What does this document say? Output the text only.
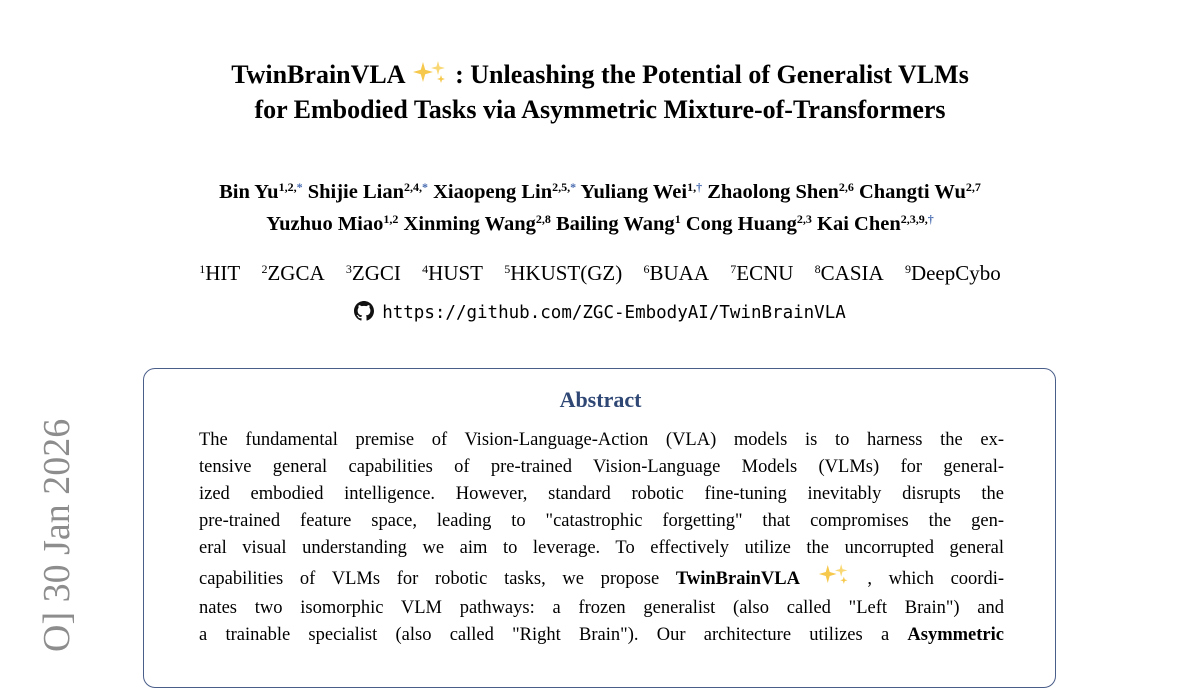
TwinBrainVLA  : Unleashing the Potential of Generalist VLMs
for Embodied Tasks via Asymmetric Mixture-of-Transformers
Bin $Yu^{1,2,*}$ Shijie Lian$^{2,4,*}$ Xiaopeng Lin$^{2,5,*}$ Yuliang Wei$^{1,\dagger}$ Zhaolong Shen$^{2,6}$ Changti Wu$^{2,7}$
Yuzhuo Miao$^{1,2}$ Xinming Wang$^{2,8}$ Bailing Wang$^1$ Cong Huang$^{2,3}$ Kai Chen$^{2,3,9,\dagger}$
$^1$HIT $^2$ZGCA $^3$ZGCI $^4$HUST $^5$HKUST(GZ) $^6$BUAA $^7$ECNU $^8$CASIA $^9$DeepCybo
https://github.com/ZGC-EmbodyAI/TwinBrainVLA
O] 30 Jan 2026
Abstract
The fundamental premise of Vision-Language-Action (VLA) models is to harness the ex-
tensive general capabilities of pre-trained Vision-Language Models (VLMs) for general-
ized embodied intelligence. However, standard robotic fine-tuning inevitably disrupts the
pre-trained feature space, leading to "catastrophic forgetting" that compromises the gen-
eral visual understanding we aim to leverage. To effectively utilize the uncorrupted general
capabilities of VLMs for robotic tasks, we propose TwinBrainVLA	, which coordi-
nates two isomorphic VLM pathways: a frozen generalist (also called "Left Brain") and
a trainable specialist (also called "Right Brain"). Our architecture utilizes a Asymmetric
